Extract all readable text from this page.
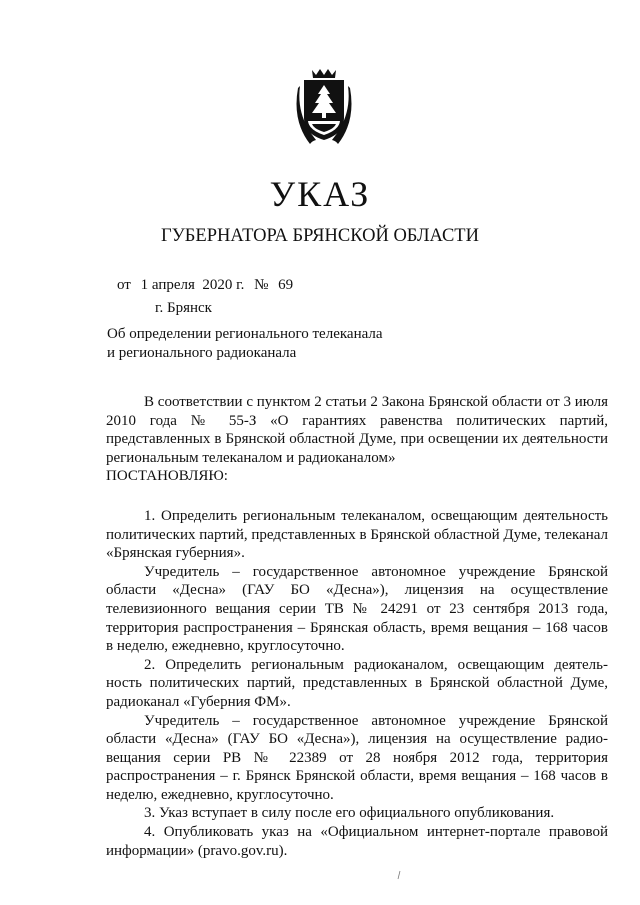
УКАЗ
ГУБЕРНАТОРА БРЯНСКОЙ ОБЛАСТИ
от 1 апреля  2020 г. № 69
г. Брянск
Об определении регионального телеканала
и регионального радиоканала

В соответствии с пунктом 2 статьи 2 Закона Брянской области от 3 июля 2010 года № 55-З «О гарантиях равенства политических партий, представленных в Брянской областной Думе, при освещении их деятельности региональным телеканалом и радиоканалом»

ПОСТАНОВЛЯЮ:

1. Определить региональным телеканалом, освещающим деятельность политических партий, представленных в Брянской областной Думе, телеканал «Брянская губерния».

Учредитель – государственное автономное учреждение Брянской области «Десна» (ГАУ БО «Десна»), лицензия на осуществление телевизионного вещания серии ТВ № 24291 от 23 сентября 2013 года, территория распространения – Брянская область, время вещания – 168 часов в неделю, ежедневно, круглосуточно.

2. Определить региональным радиоканалом, освещающим деятель-ность политических партий, представленных в Брянской областной Думе, радиоканал «Губерния ФМ».

Учредитель – государственное автономное учреждение Брянской области «Десна» (ГАУ БО «Десна»), лицензия на осуществление радио-вещания серии РВ № 22389 от 28 ноября 2012 года, территория распространения – г. Брянск Брянской области, время вещания – 168 часов в неделю, ежедневно, круглосуточно.

3. Указ вступает в силу после его официального опубликования.

4. Опубликовать указ на «Официальном интернет-портале правовой информации» (pravo.gov.ru).
